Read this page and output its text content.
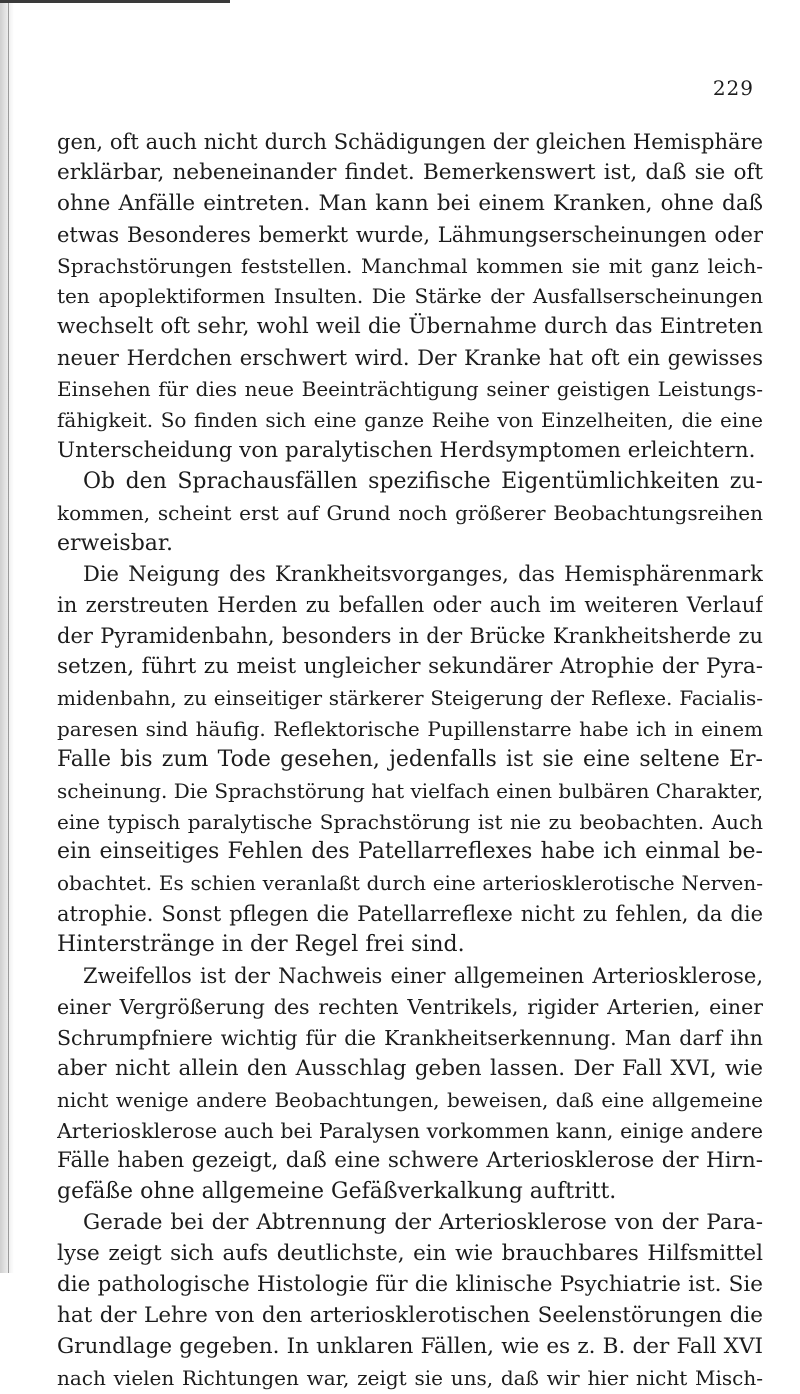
229
gen, oft auch nicht durch Schädigungen der gleichen Hemisphäre
erklärbar, nebeneinander findet. Bemerkenswert ist, daß sie oft
ohne Anfälle eintreten. Man kann bei einem Kranken, ohne daß
etwas Besonderes bemerkt wurde, Lähmungserscheinungen oder
Sprachstörungen feststellen. Manchmal kommen sie mit ganz leich-
ten apoplektiformen Insulten. Die Stärke der Ausfallserscheinungen
wechselt oft sehr, wohl weil die Übernahme durch das Eintreten
neuer Herdchen erschwert wird. Der Kranke hat oft ein gewisses
Einsehen für dies neue Beeinträchtigung seiner geistigen Leistungs-
fähigkeit. So finden sich eine ganze Reihe von Einzelheiten, die eine
Unterscheidung von paralytischen Herdsymptomen erleichtern.
Ob den Sprachausfällen spezifische Eigentümlichkeiten zu-
kommen, scheint erst auf Grund noch größerer Beobachtungsreihen
erweisbar.
Die Neigung des Krankheitsvorganges, das Hemisphärenmark
in zerstreuten Herden zu befallen oder auch im weiteren Verlauf
der Pyramidenbahn, besonders in der Brücke Krankheitsherde zu
setzen, führt zu meist ungleicher sekundärer Atrophie der Pyra-
midenbahn, zu einseitiger stärkerer Steigerung der Reflexe. Facialis-
paresen sind häufig. Reflektorische Pupillenstarre habe ich in einem
Falle bis zum Tode gesehen, jedenfalls ist sie eine seltene Er-
scheinung. Die Sprachstörung hat vielfach einen bulbären Charakter,
eine typisch paralytische Sprachstörung ist nie zu beobachten. Auch
ein einseitiges Fehlen des Patellarreflexes habe ich einmal be-
obachtet. Es schien veranlaßt durch eine arteriosklerotische Nerven-
atrophie. Sonst pflegen die Patellarreflexe nicht zu fehlen, da die
Hinterstränge in der Regel frei sind.
Zweifellos ist der Nachweis einer allgemeinen Arteriosklerose,
einer Vergrößerung des rechten Ventrikels, rigider Arterien, einer
Schrumpfniere wichtig für die Krankheitserkennung. Man darf ihn
aber nicht allein den Ausschlag geben lassen. Der Fall XVI, wie
nicht wenige andere Beobachtungen, beweisen, daß eine allgemeine
Arteriosklerose auch bei Paralysen vorkommen kann, einige andere
Fälle haben gezeigt, daß eine schwere Arteriosklerose der Hirn-
gefäße ohne allgemeine Gefäßverkalkung auftritt.
Gerade bei der Abtrennung der Arteriosklerose von der Para-
lyse zeigt sich aufs deutlichste, ein wie brauchbares Hilfsmittel
die pathologische Histologie für die klinische Psychiatrie ist. Sie
hat der Lehre von den arteriosklerotischen Seelenstörungen die
Grundlage gegeben. In unklaren Fällen, wie es z. B. der Fall XVI
nach vielen Richtungen war, zeigt sie uns, daß wir hier nicht Misch-
